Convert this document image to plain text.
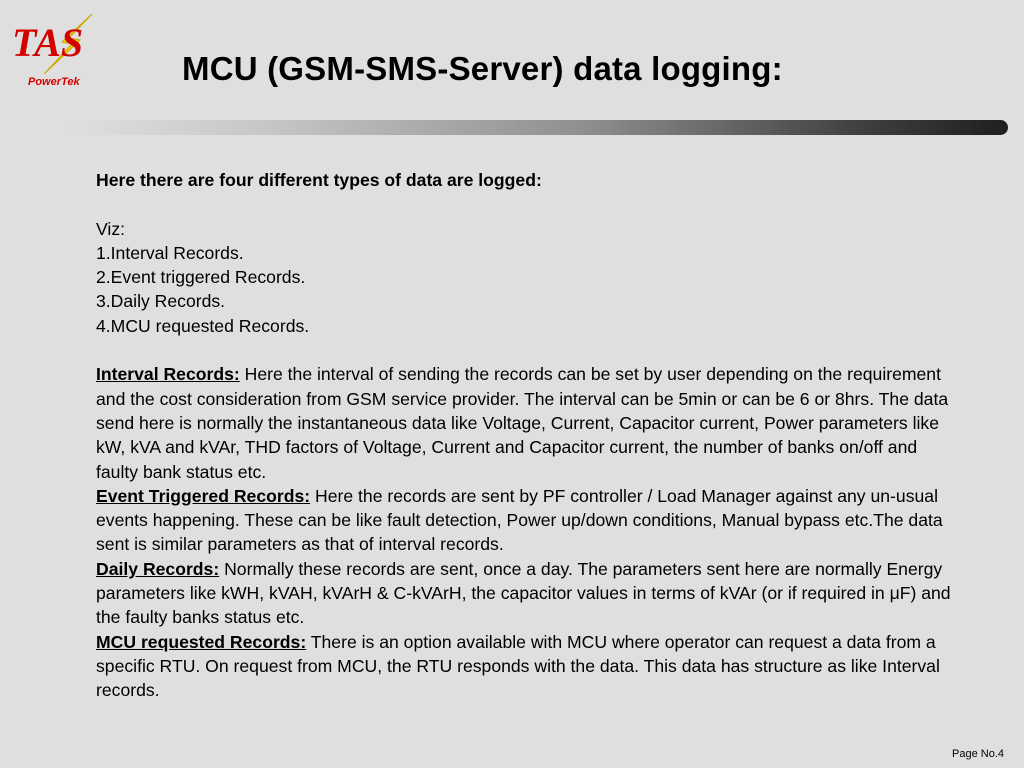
TAS
PowerTek	MCU (GSM-SMS-Server) data logging:
Here there are four different types of data are logged:
Viz:
1.Interval Records.
2.Event triggered Records.
3.Daily Records.
4.MCU requested Records.
Interval Records: Here the interval of sending the records can be set by user depending on the requirement and the cost consideration from GSM service provider. The interval can be 5min or can be 6 or 8hrs. The data send here is normally the instantaneous data like Voltage, Current, Capacitor current, Power parameters like kW, kVA and kVAr, THD factors of Voltage, Current and Capacitor current, the number of banks on/off and faulty bank status etc.
Event Triggered Records: Here the records are sent by PF controller / Load Manager against any un-usual events happening. These can be like fault detection, Power up/down conditions, Manual bypass etc.The data sent is similar parameters as that of interval records.
Daily Records: Normally these records are sent, once a day. The parameters sent here are normally Energy parameters like kWH, kVAH, kVArH & C-kVArH, the capacitor values in terms of kVAr (or if required in μF) and the faulty banks status etc.
MCU requested Records: There is an option available with MCU where operator can request a data from a specific RTU. On request from MCU, the RTU responds with the data. This data has structure as like Interval records.
Page No.4
